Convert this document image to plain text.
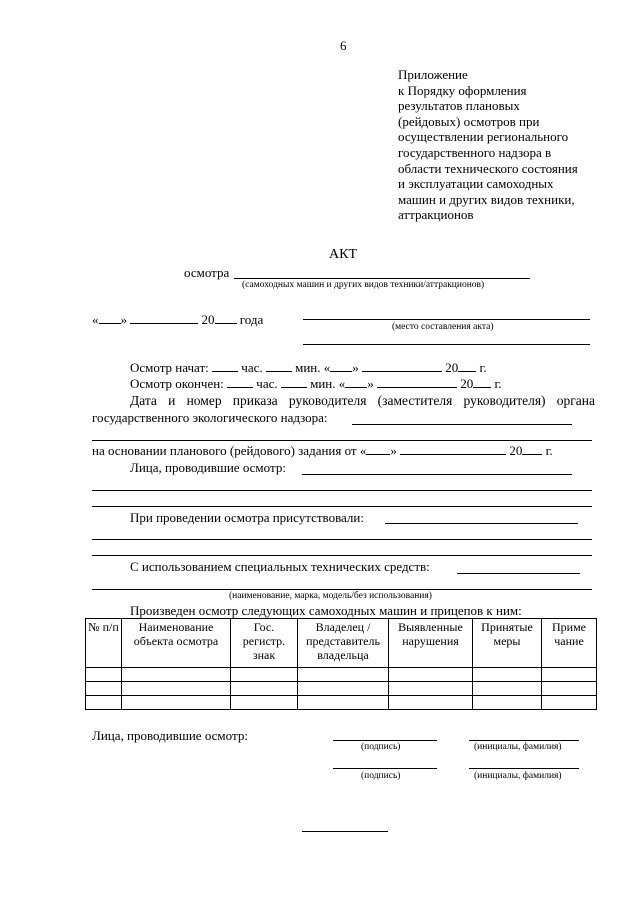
6
Приложение
к Порядку оформления
результатов плановых
(рейдовых) осмотров при
осуществлении регионального
государственного надзора в
области технического состояния
и эксплуатации самоходных
машин и других видов техники,
аттракционов
АКТ
осмотра
(самоходных машин и других видов техники/аттракционов)
« »	20 года	(место составления акта)
Осмотр начат:	час.	мин. « »	20 г.
Осмотр окончен:	час.	мин. « »	20 г.
Дата и номер приказа руководителя (заместителя руководителя) органа
государственного экологического надзора:
на основании планового (рейдового) задания от « »	20 г.
Лица, проводившие осмотр:
При проведении осмотра присутствовали:
С использованием специальных технических средств:
(наименование, марка, модель/без использования)
Произведен осмотр следующих самоходных машин и прицепов к ним:
№ п/п	Наименование объекта осмотра	Гос. регистр. знак	Владелец / представитель владельца	Выявленные нарушения	Принятые меры	Приме чание

Лица, проводившие осмотр:
(подпись)	(инициалы, фамилия)
(подпись)	(инициалы, фамилия)
